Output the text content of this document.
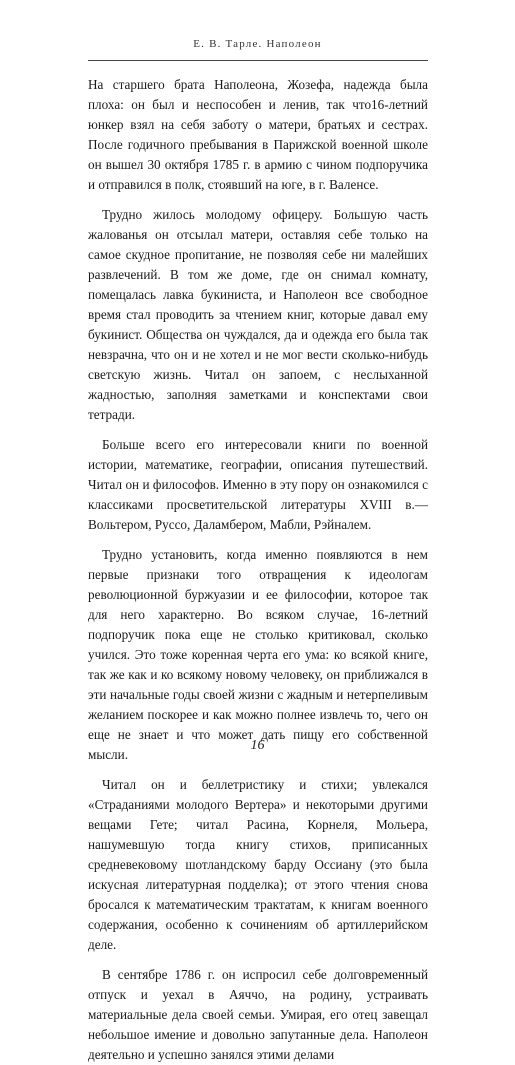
Е. В. Тарле. Наполеон

На старшего брата Наполеона, Жозефа, надежда была плоха: он был и неспособен и ленив, так что16-летний юнкер взял на себя заботу о матери, братьях и сестрах. После годичного пребывания в Парижской военной школе он вышел 30 октября 1785 г. в армию с чином подпоручика и отправился в полк, стоявший на юге, в г. Валенсе.

Трудно жилось молодому офицеру. Большую часть жалованья он отсылал матери, оставляя себе только на самое скудное пропитание, не позволяя себе ни малейших развлечений. В том же доме, где он снимал комнату, помещалась лавка букиниста, и Наполеон все свободное время стал проводить за чтением книг, которые давал ему букинист. Общества он чуждался, да и одежда его была так невзрачна, что он и не хотел и не мог вести сколько-нибудь светскую жизнь. Читал он запоем, с неслыханной жадностью, заполняя заметками и конспектами свои тетради.

Больше всего его интересовали книги по военной истории, математике, географии, описания путешествий. Читал он и философов. Именно в эту пору он ознакомился с классиками просветительской литературы XVIII в.— Вольтером, Руссо, Даламбером, Мабли, Рэйналем.

Трудно установить, когда именно появляются в нем первые признаки того отвращения к идеологам революционной буржуазии и ее философии, которое так для него характерно. Во всяком случае, 16-летний подпоручик пока еще не столько критиковал, сколько учился. Это тоже коренная черта его ума: ко всякой книге, так же как и ко всякому новому человеку, он приближался в эти начальные годы своей жизни с жадным и нетерпеливым желанием поскорее и как можно полнее извлечь то, чего он еще не знает и что может дать пищу его собственной мысли.

Читал он и беллетристику и стихи; увлекался «Страданиями молодого Вертера» и некоторыми другими вещами Гете; читал Расина, Корнеля, Мольера, нашумевшую тогда книгу стихов, приписанных средневековому шотландскому барду Оссиану (это была искусная литературная подделка); от этого чтения снова бросался к математическим трактатам, к книгам военного содержания, особенно к сочинениям об артиллерийском деле.

В сентябре 1786 г. он испросил себе долговременный отпуск и уехал в Аяччо, на родину, устраивать материальные дела своей семьи. Умирая, его отец завещал небольшое имение и довольно запутанные дела. Наполеон деятельно и успешно занялся этими делами

16
